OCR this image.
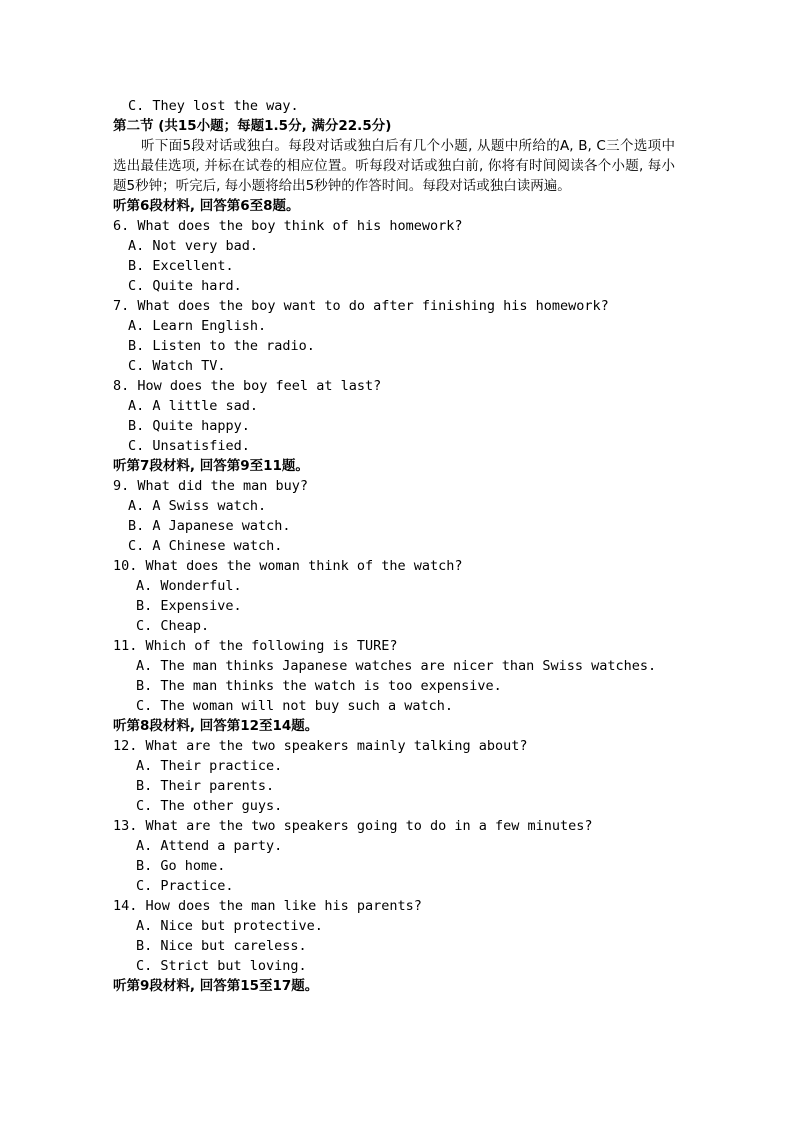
C. They lost the way.
第二节 (共15小题；每题1.5分, 满分22.5分)
听下面5段对话或独白。每段对话或独白后有几个小题, 从题中所给的A, B, C三个选项中选出最佳选项, 并标在试卷的相应位置。听每段对话或独白前, 你将有时间阅读各个小题, 每小题5秒钟；听完后, 每小题将给出5秒钟的作答时间。每段对话或独白读两遍。
听第6段材料, 回答第6至8题。
6. What does the boy think of his homework?
A. Not very bad.
B. Excellent.
C. Quite hard.
7. What does the boy want to do after finishing his homework?
A. Learn English.
B. Listen to the radio.
C. Watch TV.
8. How does the boy feel at last?
A. A little sad.
B. Quite happy.
C. Unsatisfied.
听第7段材料, 回答第9至11题。
9. What did the man buy?
A. A Swiss watch.
B. A Japanese watch.
C. A Chinese watch.
10. What does the woman think of the watch?
A. Wonderful.
B. Expensive.
C. Cheap.
11. Which of the following is TURE?
A. The man thinks Japanese watches are nicer than Swiss watches.
B. The man thinks the watch is too expensive.
C. The woman will not buy such a watch.
听第8段材料, 回答第12至14题。
12. What are the two speakers mainly talking about?
A. Their practice.
B. Their parents.
C. The other guys.
13. What are the two speakers going to do in a few minutes?
A. Attend a party.
B. Go home.
C. Practice.
14. How does the man like his parents?
A. Nice but protective.
B. Nice but careless.
C. Strict but loving.
听第9段材料, 回答第15至17题。
